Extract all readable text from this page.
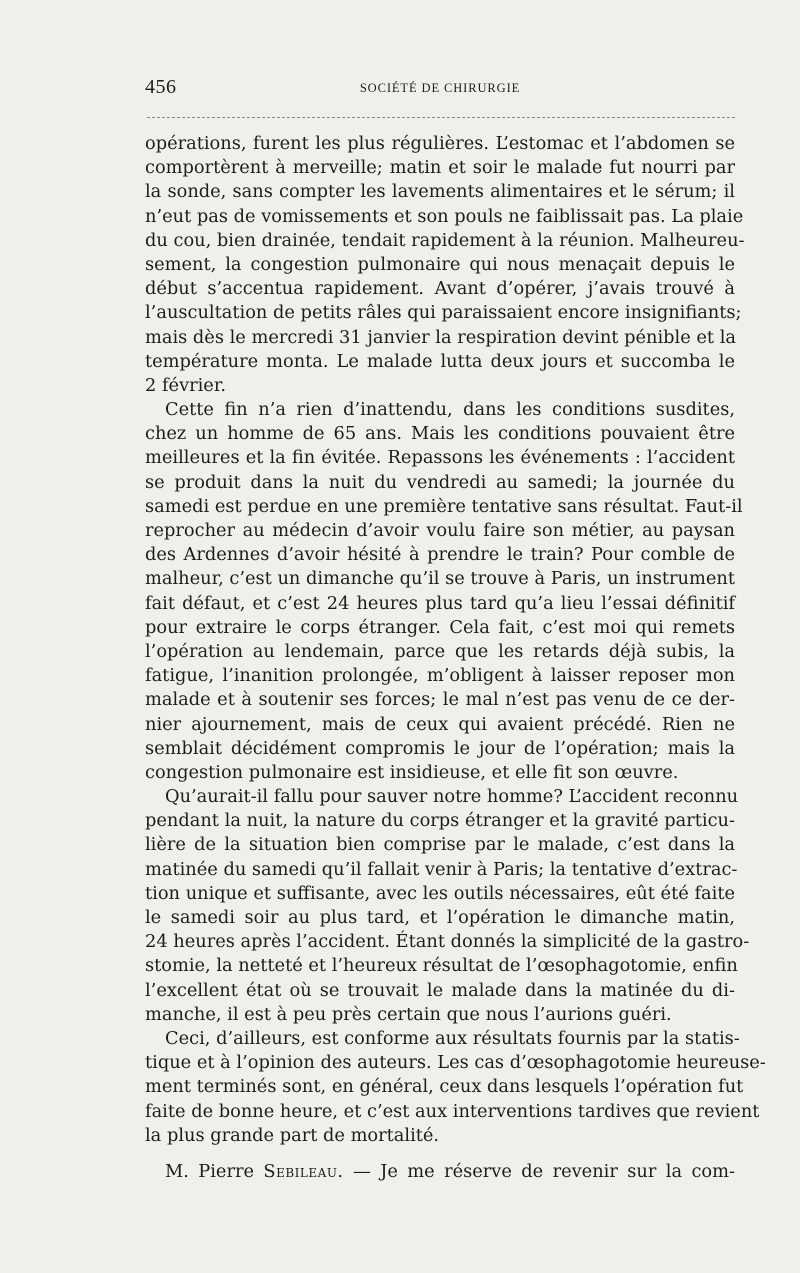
456	SOCIÉTÉ DE CHIRURGIE
opérations, furent les plus régulières. L’estomac et l’abdomen se
comportèrent à merveille; matin et soir le malade fut nourri par
la sonde, sans compter les lavements alimentaires et le sérum; il
n’eut pas de vomissements et son pouls ne faiblissait pas. La plaie
du cou, bien drainée, tendait rapidement à la réunion. Malheureu-
sement, la congestion pulmonaire qui nous menaçait depuis le
début s’accentua rapidement. Avant d’opérer, j’avais trouvé à
l’auscultation de petits râles qui paraissaient encore insignifiants;
mais dès le mercredi 31 janvier la respiration devint pénible et la
température monta. Le malade lutta deux jours et succomba le
2 février.
Cette fin n’a rien d’inattendu, dans les conditions susdites,
chez un homme de 65 ans. Mais les conditions pouvaient être
meilleures et la fin évitée. Repassons les événements : l’accident
se produit dans la nuit du vendredi au samedi; la journée du
samedi est perdue en une première tentative sans résultat. Faut-il
reprocher au médecin d’avoir voulu faire son métier, au paysan
des Ardennes d’avoir hésité à prendre le train? Pour comble de
malheur, c’est un dimanche qu’il se trouve à Paris, un instrument
fait défaut, et c’est 24 heures plus tard qu’a lieu l’essai définitif
pour extraire le corps étranger. Cela fait, c’est moi qui remets
l’opération au lendemain, parce que les retards déjà subis, la
fatigue, l’inanition prolongée, m’obligent à laisser reposer mon
malade et à soutenir ses forces; le mal n’est pas venu de ce der-
nier ajournement, mais de ceux qui avaient précédé. Rien ne
semblait décidément compromis le jour de l’opération; mais la
congestion pulmonaire est insidieuse, et elle fit son œuvre.
Qu’aurait-il fallu pour sauver notre homme? L’accident reconnu
pendant la nuit, la nature du corps étranger et la gravité particu-
lière de la situation bien comprise par le malade, c’est dans la
matinée du samedi qu’il fallait venir à Paris; la tentative d’extrac-
tion unique et suffisante, avec les outils nécessaires, eût été faite
le samedi soir au plus tard, et l’opération le dimanche matin,
24 heures après l’accident. Étant donnés la simplicité de la gastro-
stomie, la netteté et l’heureux résultat de l’œsophagotomie, enfin
l’excellent état où se trouvait le malade dans la matinée du di-
manche, il est à peu près certain que nous l’aurions guéri.
Ceci, d’ailleurs, est conforme aux résultats fournis par la statis-
tique et à l’opinion des auteurs. Les cas d’œsophagotomie heureuse-
ment terminés sont, en général, ceux dans lesquels l’opération fut
faite de bonne heure, et c’est aux interventions tardives que revient
la plus grande part de mortalité.
M. Pierre Sebileau. — Je me réserve de revenir sur la com-
